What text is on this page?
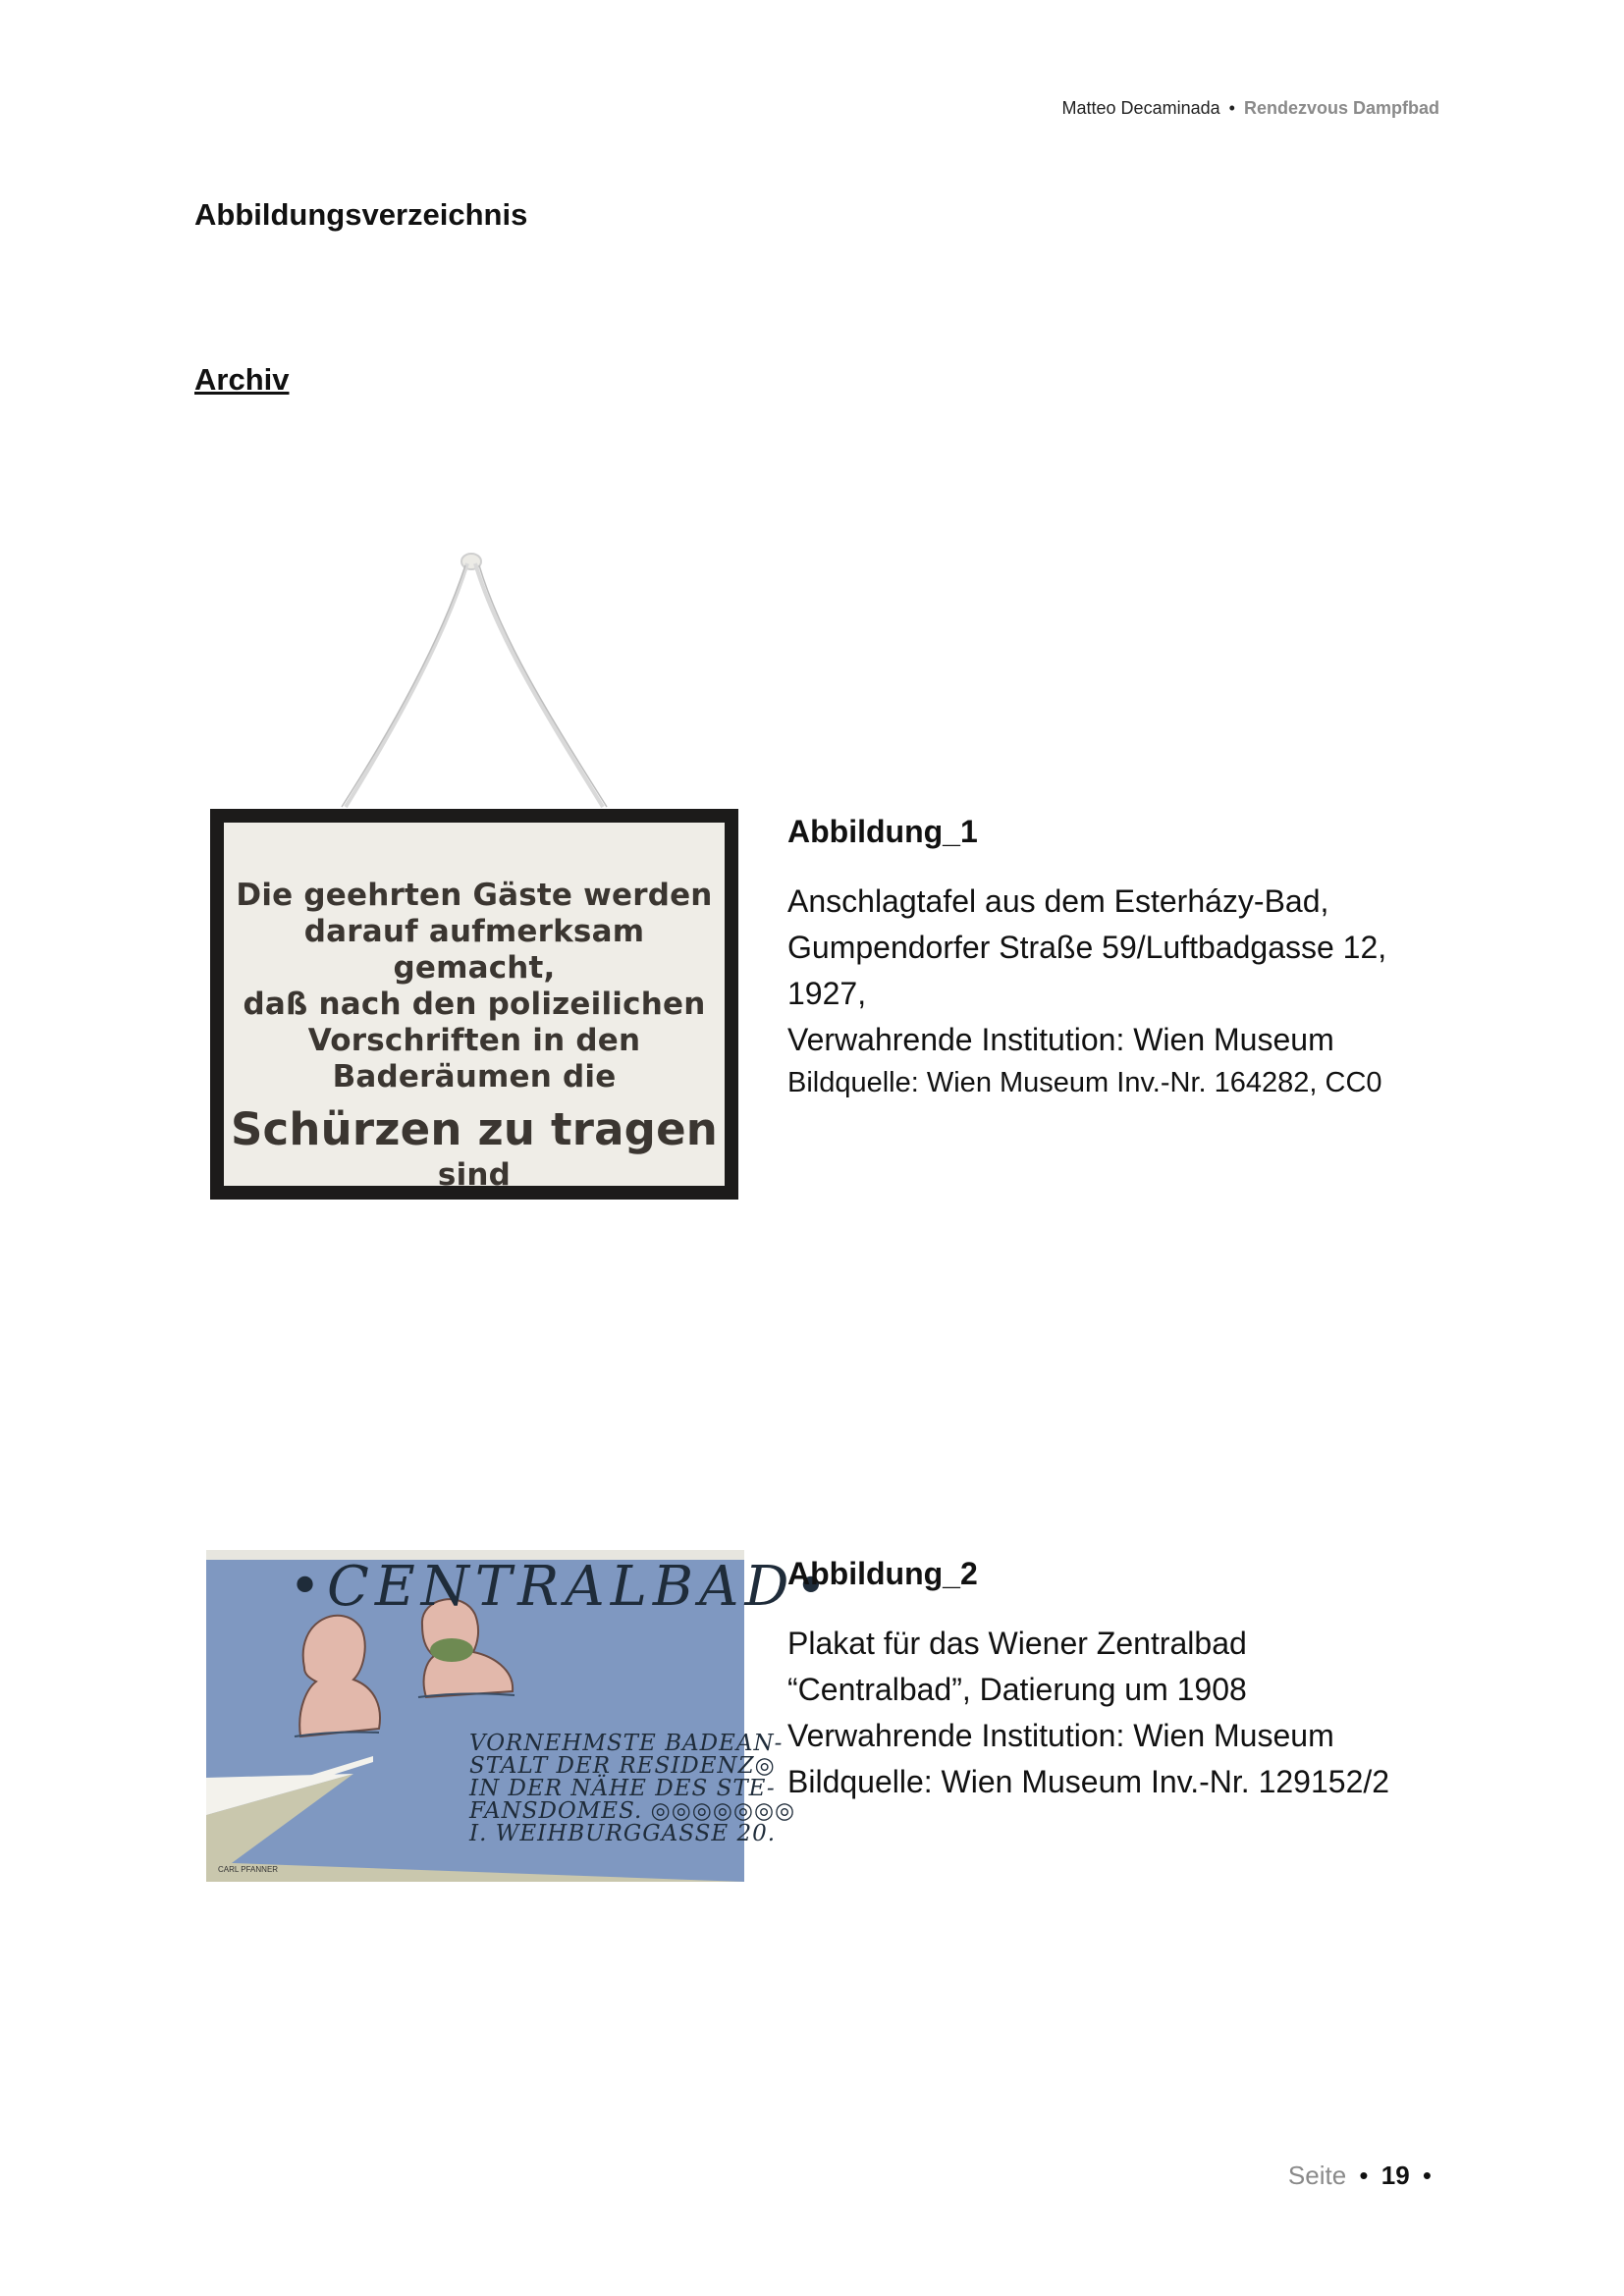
Matteo Decaminada • Rendezvous Dampfbad
Abbildungsverzeichnis
Archiv
Die geehrten Gäste werden
darauf aufmerksam gemacht,
daß nach den polizeilichen
Vorschriften in den
Baderäumen die
Schürzen zu tragen
sind
Abbildung_1
Anschlagtafel aus dem Esterházy-Bad,
Gumpendorfer Straße 59/Luftbadgasse 12,
1927,
Verwahrende Institution: Wien Museum
Bildquelle: Wien Museum Inv.-Nr. 164282, CC0
•CENTRALBAD•
VORNEHMSTE BADEAN-
STALT DER RESIDENZ◎
IN DER NÄHE DES STE-
FANSDOMES. ◎◎◎◎◎◎◎
I. WEIHBURGGASSE 20.
CARL PFANNER
Abbildung_2
Plakat für das Wiener Zentralbad
“Centralbad”, Datierung um 1908
Verwahrende Institution: Wien Museum
Bildquelle: Wien Museum Inv.-Nr. 129152/2
Seite • 19 •
